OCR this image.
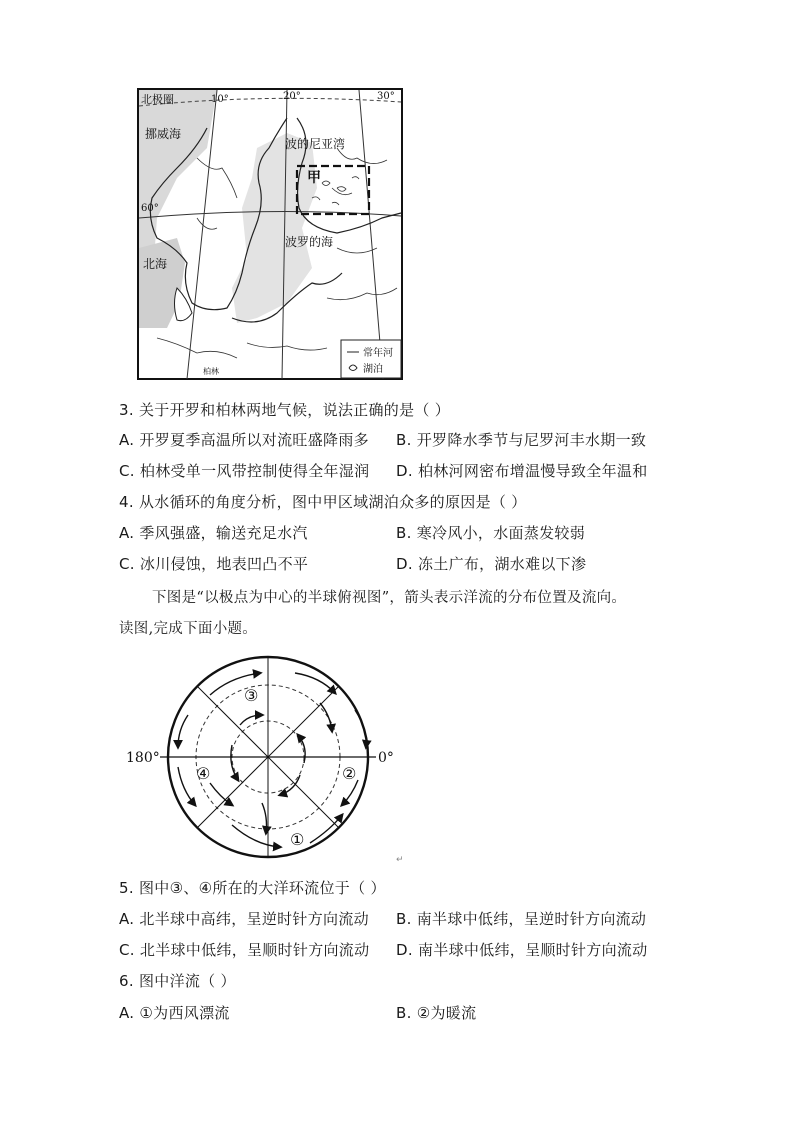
北极圈
60°
10°	20°	30°
挪威海
波的尼亚湾
甲
北海
波罗的海
柏林
常年河
湖泊
3. 关于开罗和柏林两地气候，说法正确的是（ ）
A. 开罗夏季高温所以对流旺盛降雨多 B. 开罗降水季节与尼罗河丰水期一致
C. 柏林受单一风带控制使得全年湿润 D. 柏林河网密布增温慢导致全年温和
4. 从水循环的角度分析，图中甲区域湖泊众多的原因是（ ）
A. 季风强盛，输送充足水汽	B. 寒冷风小，水面蒸发较弱
C. 冰川侵蚀，地表凹凸不平	D. 冻土广布，湖水难以下渗
下图是“以极点为中心的半球俯视图”，箭头表示洋流的分布位置及流向。
读图,完成下面小题。
180°	0°
①
②
③
④
↵
5. 图中③、④所在的大洋环流位于（ ）
A. 北半球中高纬，呈逆时针方向流动 B. 南半球中低纬，呈逆时针方向流动
C. 北半球中低纬，呈顺时针方向流动 D. 南半球中低纬，呈顺时针方向流动
6. 图中洋流（ ）
A. ①为西风漂流	B. ②为暖流
